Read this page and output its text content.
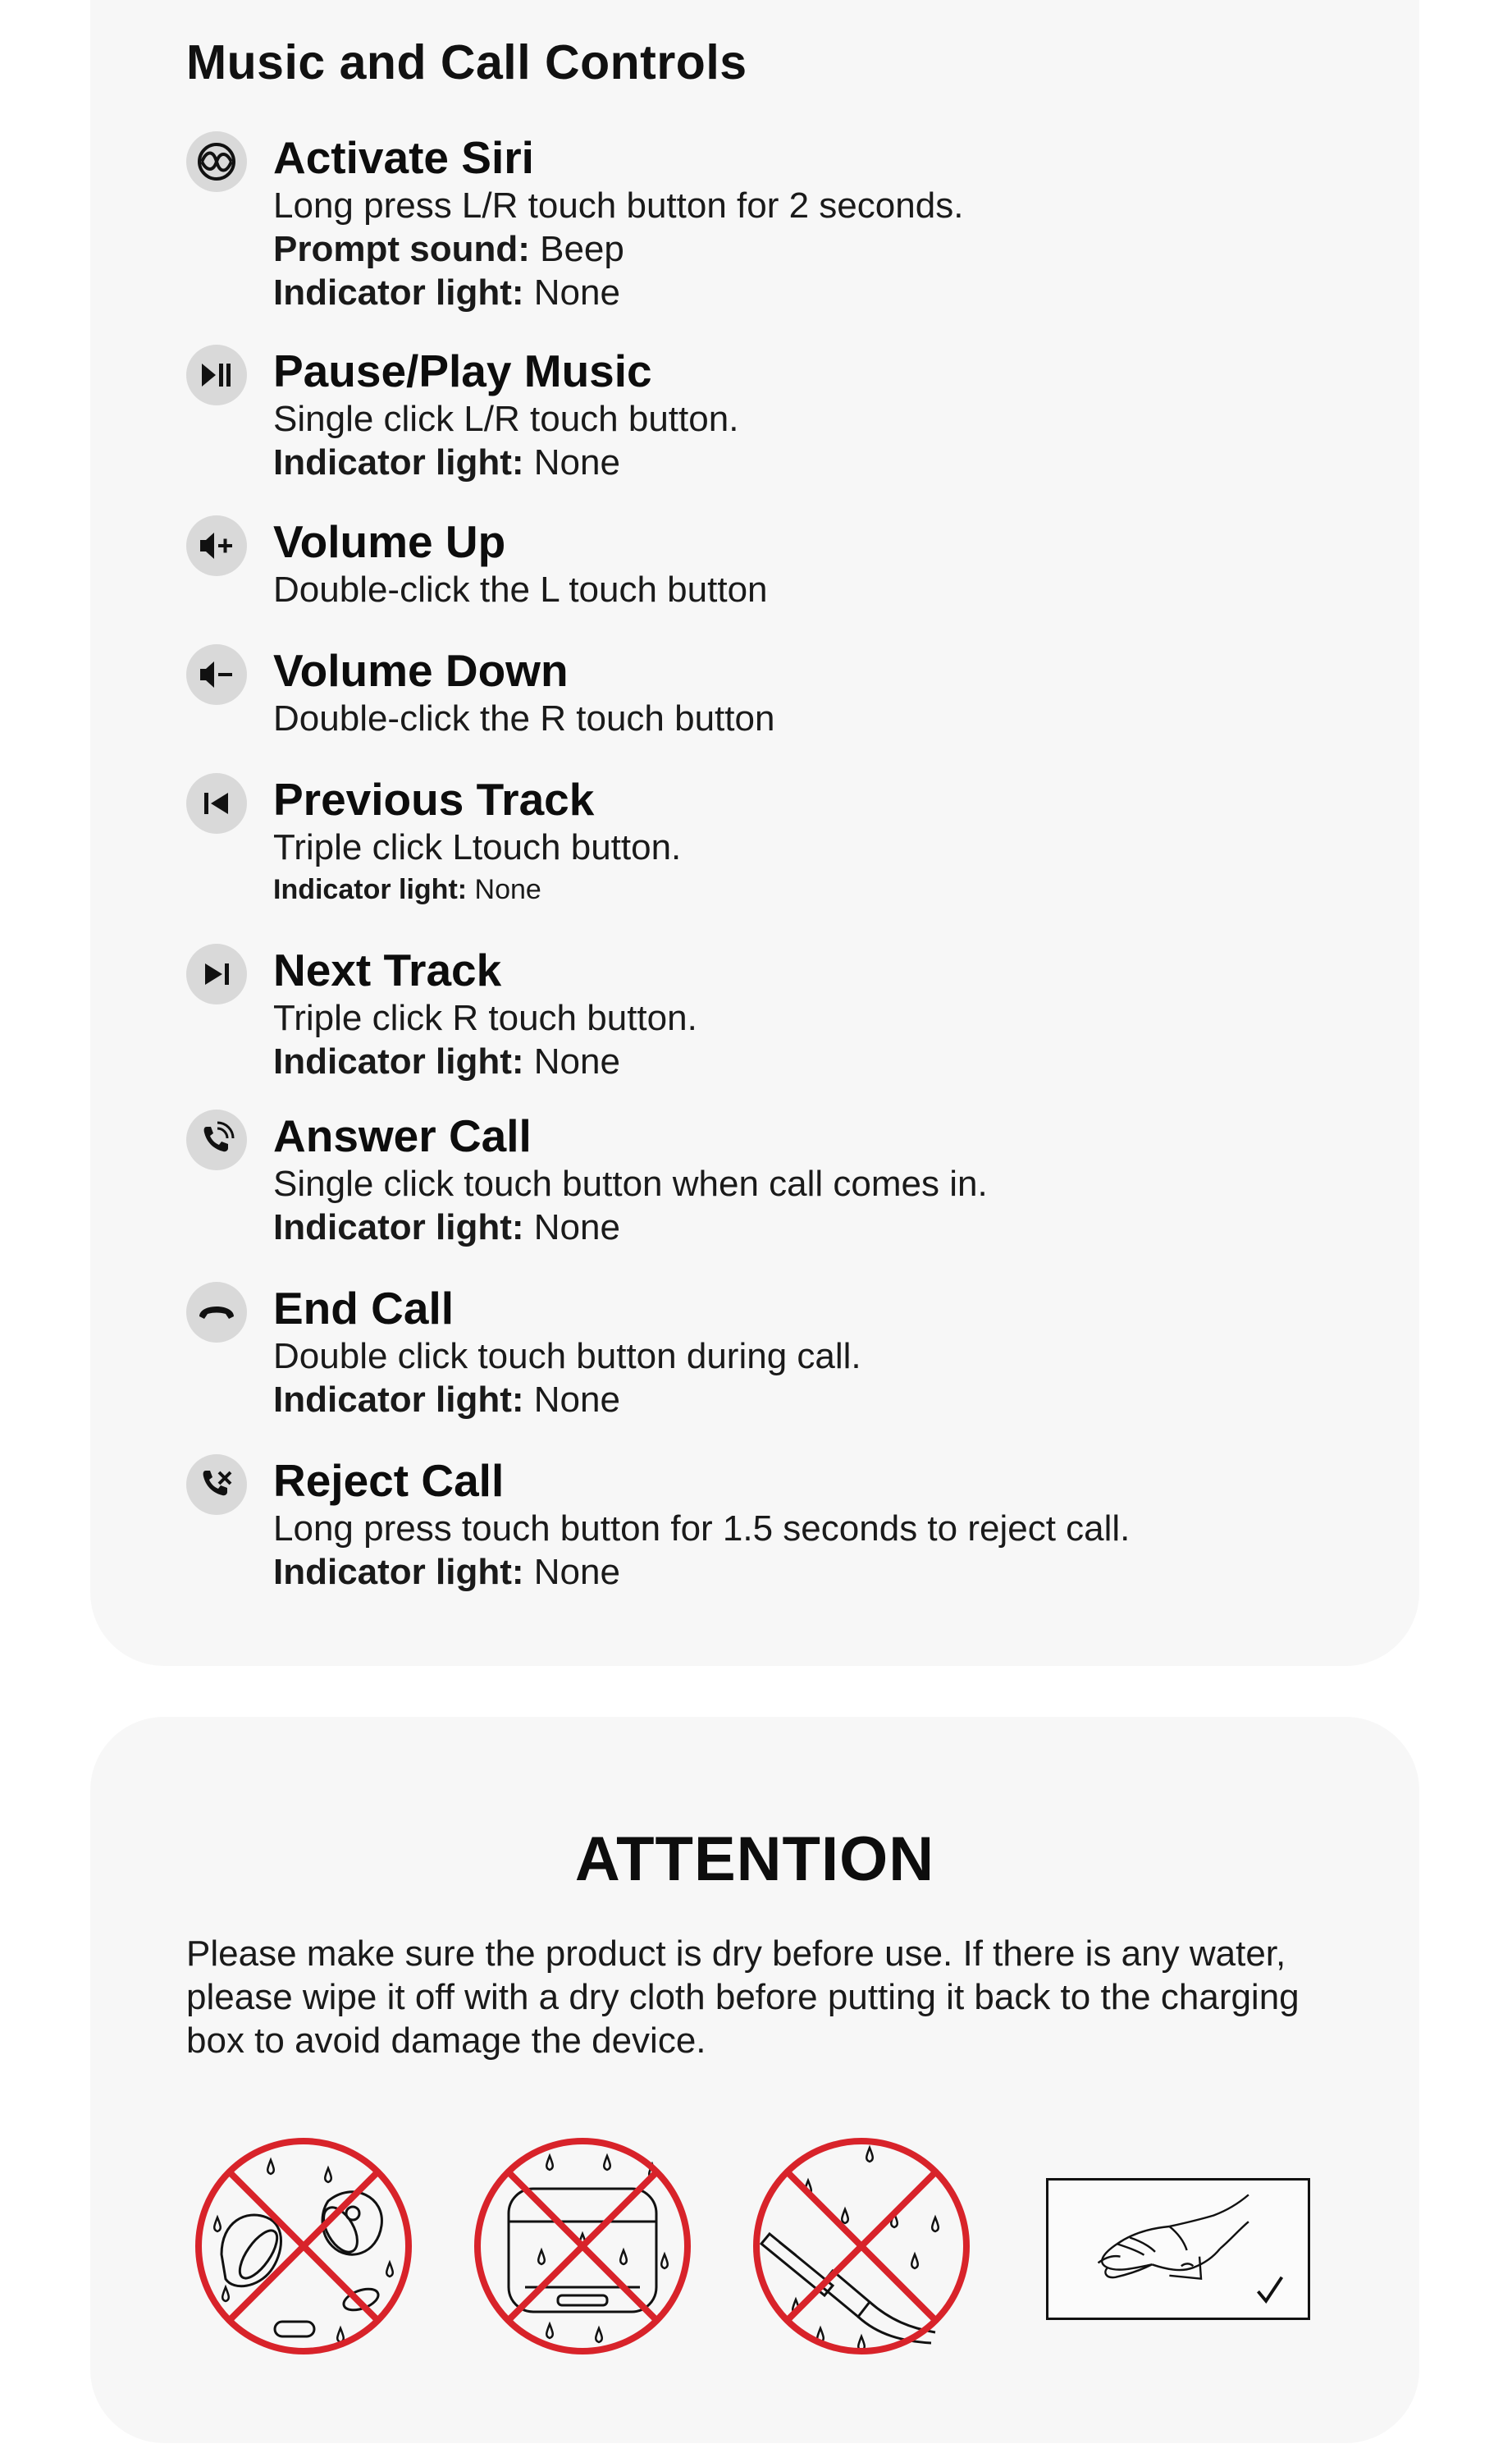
Music and Call Controls
Activate Siri

Long press L/R touch button for 2 seconds.

Prompt sound: Beep

Indicator light: None

Pause/Play Music

Single click L/R touch button.

Indicator light: None

Volume Up

Double-click the L touch button

Volume Down

Double-click the R touch button

Previous Track

Triple click Ltouch button.

Indicator light: None

Next Track

Triple click R touch button.

Indicator light: None

Answer Call

Single click touch button when call comes in.

Indicator light: None

End Call

Double click touch button during call.

Indicator light: None

Reject Call

Long press touch button for 1.5 seconds to reject call.

Indicator light: None

ATTENTION

Please make sure the product is dry before use. If there is any water, please wipe it off with a dry cloth before putting it back to the charging box to avoid damage the device.
